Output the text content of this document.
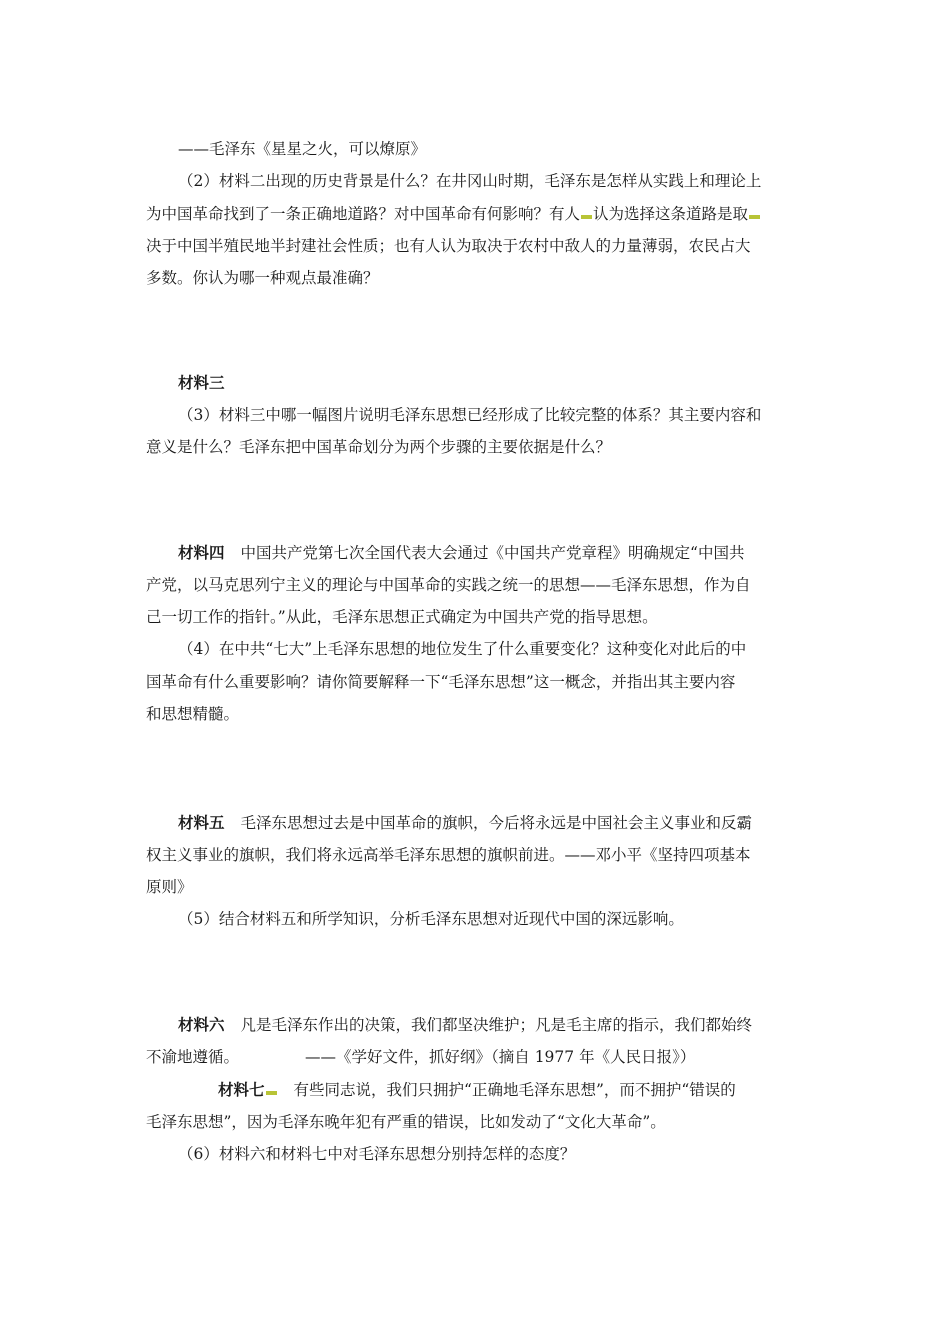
——毛泽东《星星之火，可以燎原》
（2）材料二出现的历史背景是什么？在井冈山时期，毛泽东是怎样从实践上和理论上
为中国革命找到了一条正确地道路？对中国革命有何影响？有人 认为选择这条道路是取
决于中国半殖民地半封建社会性质；也有人认为取决于农村中敌人的力量薄弱，农民占大
多数。你认为哪一种观点最准确？
材料三
（3）材料三中哪一幅图片说明毛泽东思想已经形成了比较完整的体系？其主要内容和
意义是什么？毛泽东把中国革命划分为两个步骤的主要依据是什么？
材料四 中国共产党第七次全国代表大会通过《中国共产党章程》明确规定“中国共
产党，以马克思列宁主义的理论与中国革命的实践之统一的思想——毛泽东思想，作为自
己一切工作的指针。”从此，毛泽东思想正式确定为中国共产党的指导思想。
（4）在中共“七大”上毛泽东思想的地位发生了什么重要变化？这种变化对此后的中
国革命有什么重要影响？请你简要解释一下“毛泽东思想”这一概念，并指出其主要内容
和思想精髓。
材料五 毛泽东思想过去是中国革命的旗帜，今后将永远是中国社会主义事业和反霸
权主义事业的旗帜，我们将永远高举毛泽东思想的旗帜前进。——邓小平《坚持四项基本
原则》
（5）结合材料五和所学知识，分析毛泽东思想对近现代中国的深远影响。
材料六 凡是毛泽东作出的决策，我们都坚决维护；凡是毛主席的指示，我们都始终
不渝地遵循。	——《学好文件，抓好纲》（摘自 1977 年《人民日报》）
材料七 有些同志说，我们只拥护“正确地毛泽东思想”，而不拥护“错误的
毛泽东思想”，因为毛泽东晚年犯有严重的错误，比如发动了“文化大革命”。
（6）材料六和材料七中对毛泽东思想分别持怎样的态度？
